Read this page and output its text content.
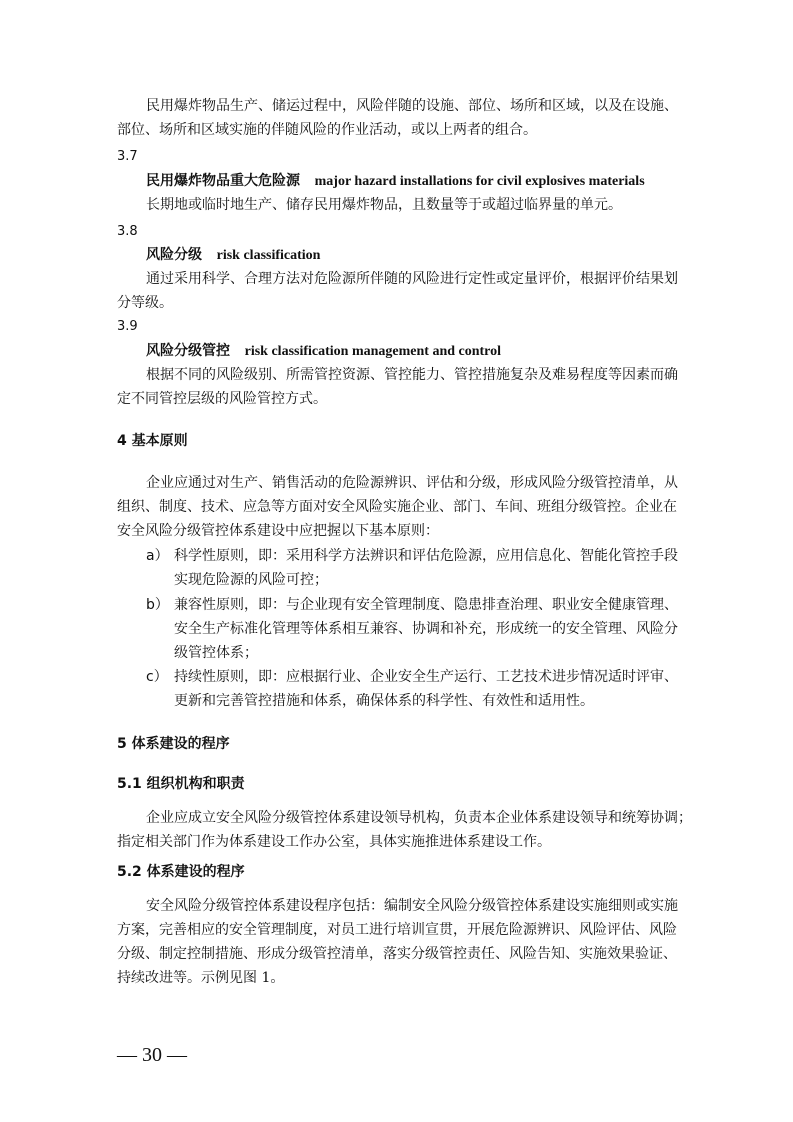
民用爆炸物品生产、储运过程中，风险伴随的设施、部位、场所和区域，以及在设施、
部位、场所和区域实施的伴随风险的作业活动，或以上两者的组合。
3.7
民用爆炸物品重大危险源 major hazard installations for civil explosives materials
长期地或临时地生产、储存民用爆炸物品，且数量等于或超过临界量的单元。
3.8
风险分级 risk classification
通过采用科学、合理方法对危险源所伴随的风险进行定性或定量评价，根据评价结果划
分等级。
3.9
风险分级管控 risk classification management and control
根据不同的风险级别、所需管控资源、管控能力、管控措施复杂及难易程度等因素而确
定不同管控层级的风险管控方式。
4 基本原则
企业应通过对生产、销售活动的危险源辨识、评估和分级，形成风险分级管控清单，从
组织、制度、技术、应急等方面对安全风险实施企业、部门、车间、班组分级管控。企业在
安全风险分级管控体系建设中应把握以下基本原则：
a） 科学性原则，即：采用科学方法辨识和评估危险源，应用信息化、智能化管控手段
实现危险源的风险可控；
b） 兼容性原则，即：与企业现有安全管理制度、隐患排查治理、职业安全健康管理、
安全生产标准化管理等体系相互兼容、协调和补充，形成统一的安全管理、风险分
级管控体系；
c） 持续性原则，即：应根据行业、企业安全生产运行、工艺技术进步情况适时评审、
更新和完善管控措施和体系，确保体系的科学性、有效性和适用性。
5 体系建设的程序
5.1 组织机构和职责
企业应成立安全风险分级管控体系建设领导机构，负责本企业体系建设领导和统筹协调；
指定相关部门作为体系建设工作办公室，具体实施推进体系建设工作。
5.2 体系建设的程序
安全风险分级管控体系建设程序包括：编制安全风险分级管控体系建设实施细则或实施
方案，完善相应的安全管理制度，对员工进行培训宣贯，开展危险源辨识、风险评估、风险
分级、制定控制措施、形成分级管控清单，落实分级管控责任、风险告知、实施效果验证、
持续改进等。示例见图 1。
— 30 —
